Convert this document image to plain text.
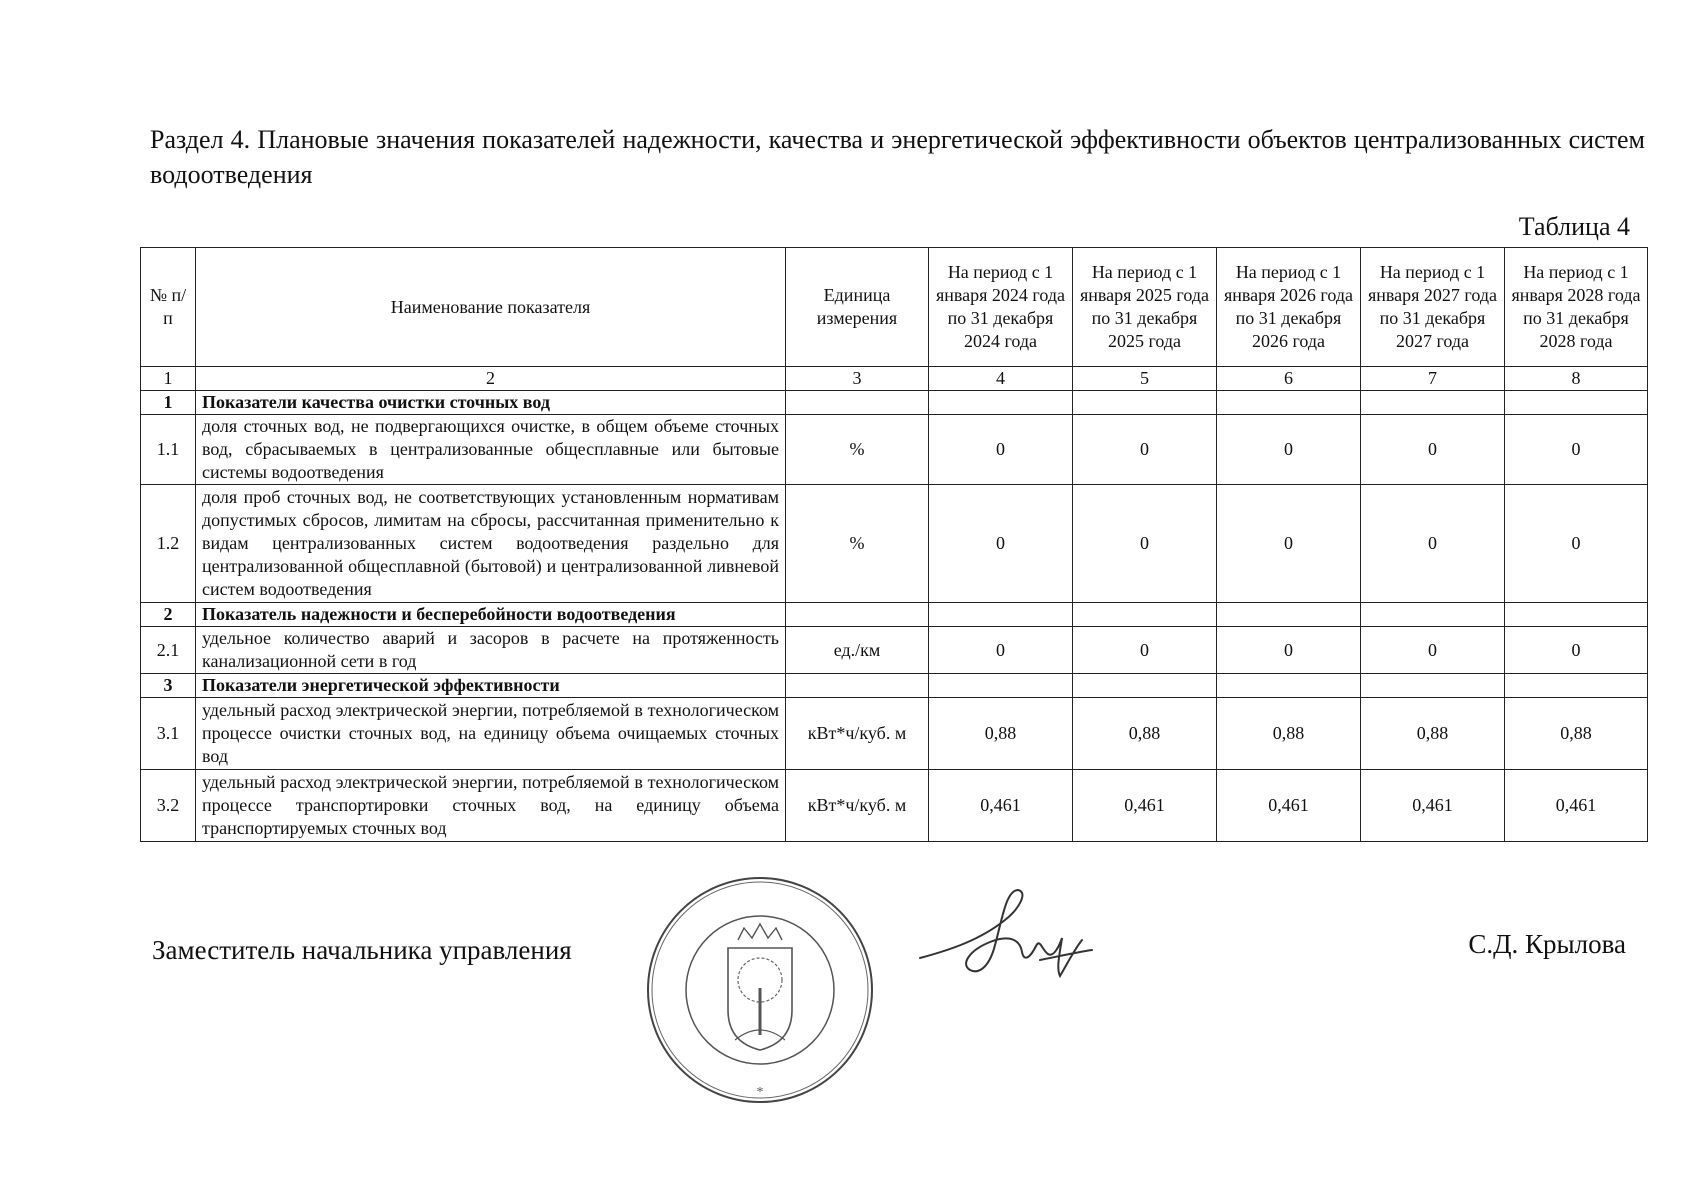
Раздел 4. Плановые значения показателей надежности, качества и энергетической эффективности объектов централизованных систем водоотведения
Таблица 4
№ п/п	Наименование показателя	Единица измерения	На период с 1 января 2024 года по 31 декабря 2024 года	На период с 1 января 2025 года по 31 декабря 2025 года	На период с 1 января 2026 года по 31 декабря 2026 года	На период с 1 января 2027 года по 31 декабря 2027 года	На период с 1 января 2028 года по 31 декабря 2028 года
1	2	3	4	5	6	7	8
1	Показатели качества очистки сточных вод						
1.1	доля сточных вод, не подвергающихся очистке, в общем объеме сточных вод, сбрасываемых в централизованные общесплавные или бытовые системы водоотведения	%	0	0	0	0	0
1.2	доля проб сточных вод, не соответствующих установленным нормативам допустимых сбросов, лимитам на сбросы, рассчитанная применительно к видам централизованных систем водоотведения раздельно для централизованной общесплавной (бытовой) и централизованной ливневой систем водоотведения	%	0	0	0	0	0
2	Показатель надежности и бесперебойности водоотведения						
2.1	удельное количество аварий и засоров в расчете на протяженность канализационной сети в год	ед./км	0	0	0	0	0
3	Показатели энергетической эффективности						
3.1	удельный расход электрической энергии, потребляемой в технологическом процессе очистки сточных вод, на единицу объема очищаемых сточных вод	кВт*ч/куб. м	0,88	0,88	0,88	0,88	0,88
3.2	удельный расход электрической энергии, потребляемой в технологическом процессе транспортировки сточных вод, на единицу объема транспортируемых сточных вод	кВт*ч/куб. м	0,461	0,461	0,461	0,461	0,461
Заместитель начальника управления
*
С.Д. Крылова
